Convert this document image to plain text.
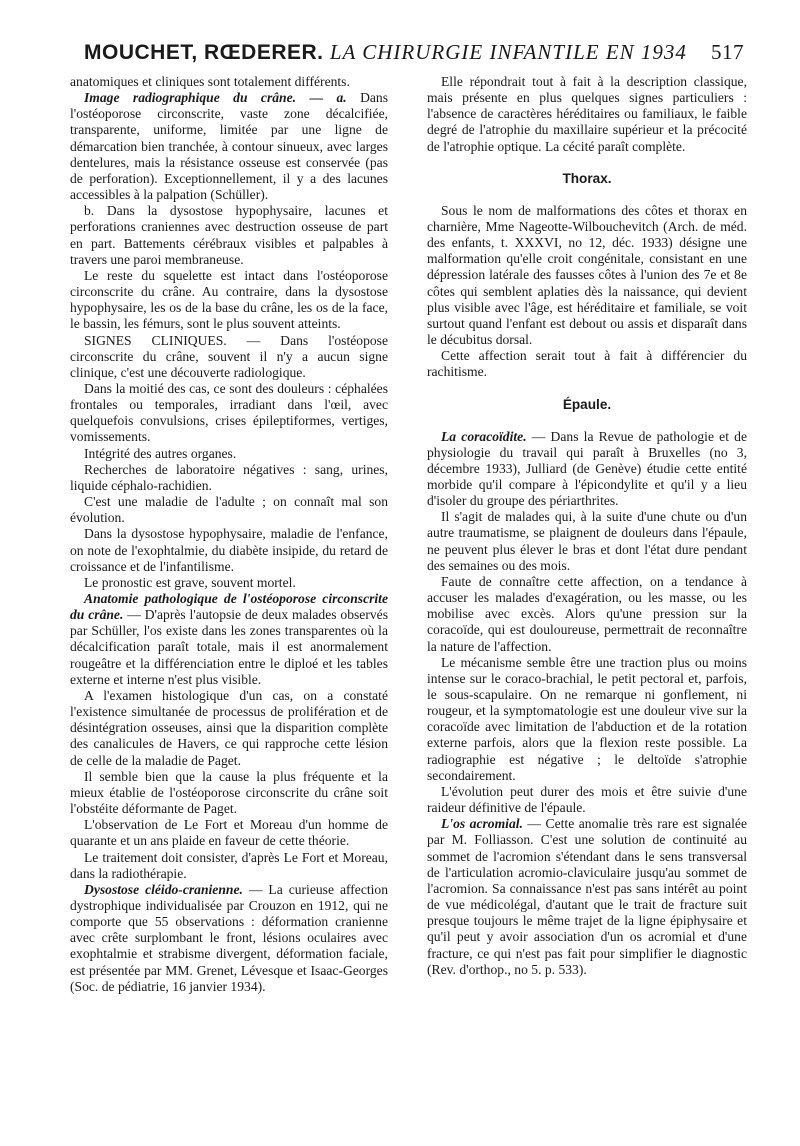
MOUCHET, RŒDERER. LA CHIRURGIE INFANTILE EN 1934 517

anatomiques et cliniques sont totalement différents.

Image radiographique du crâne. — a. Dans l'ostéoporose circonscrite, vaste zone décalcifiée, transparente, uniforme, limitée par une ligne de démarcation bien tranchée, à contour sinueux, avec larges dentelures, mais la résistance osseuse est conservée (pas de perforation). Exceptionnellement, il y a des lacunes accessibles à la palpation (Schüller).

b. Dans la dysostose hypophysaire, lacunes et perforations craniennes avec destruction osseuse de part en part. Battements cérébraux visibles et palpables à travers une paroi membraneuse.

Le reste du squelette est intact dans l'ostéoporose circonscrite du crâne. Au contraire, dans la dysostose hypophysaire, les os de la base du crâne, les os de la face, le bassin, les fémurs, sont le plus souvent atteints.

SIGNES CLINIQUES. — Dans l'ostéopose circonscrite du crâne, souvent il n'y a aucun signe clinique, c'est une découverte radiologique.

Dans la moitié des cas, ce sont des douleurs : céphalées frontales ou temporales, irradiant dans l'œil, avec quelquefois convulsions, crises épileptiformes, vertiges, vomissements.

Intégrité des autres organes.

Recherches de laboratoire négatives : sang, urines, liquide céphalo-rachidien.

C'est une maladie de l'adulte ; on connaît mal son évolution.

Dans la dysostose hypophysaire, maladie de l'enfance, on note de l'exophtalmie, du diabète insipide, du retard de croissance et de l'infantilisme.

Le pronostic est grave, souvent mortel.

Anatomie pathologique de l'ostéoporose circonscrite du crâne. — D'après l'autopsie de deux malades observés par Schüller, l'os existe dans les zones transparentes où la décalcification paraît totale, mais il est anormalement rougeâtre et la différenciation entre le diploé et les tables externe et interne n'est plus visible.

A l'examen histologique d'un cas, on a constaté l'existence simultanée de processus de prolifération et de désintégration osseuses, ainsi que la disparition complète des canalicules de Havers, ce qui rapproche cette lésion de celle de la maladie de Paget.

Il semble bien que la cause la plus fréquente et la mieux établie de l'ostéoporose circonscrite du crâne soit l'obstéite déformante de Paget.

L'observation de Le Fort et Moreau d'un homme de quarante et un ans plaide en faveur de cette théorie.

Le traitement doit consister, d'après Le Fort et Moreau, dans la radiothérapie.

Dysostose cléido-cranienne. — La curieuse affection dystrophique individualisée par Crouzon en 1912, qui ne comporte que 55 observations : déformation cranienne avec crête surplombant le front, lésions oculaires avec exophtalmie et strabisme divergent, déformation faciale, est présentée par MM. Grenet, Lévesque et Isaac-Georges (Soc. de pédiatrie, 16 janvier 1934).

Elle répondrait tout à fait à la description classique, mais présente en plus quelques signes particuliers : l'absence de caractères héréditaires ou familiaux, le faible degré de l'atrophie du maxillaire supérieur et la précocité de l'atrophie optique. La cécité paraît complète.

Thorax.

Sous le nom de malformations des côtes et thorax en charnière, Mme Nageotte-Wilbouchevitch (Arch. de méd. des enfants, t. XXXVI, no 12, déc. 1933) désigne une malformation qu'elle croit congénitale, consistant en une dépression latérale des fausses côtes à l'union des 7e et 8e côtes qui semblent aplaties dès la naissance, qui devient plus visible avec l'âge, est héréditaire et familiale, se voit surtout quand l'enfant est debout ou assis et disparaît dans le décubitus dorsal.

Cette affection serait tout à fait à différencier du rachitisme.

Épaule.

La coracoïdite. — Dans la Revue de pathologie et de physiologie du travail qui paraît à Bruxelles (no 3, décembre 1933), Julliard (de Genève) étudie cette entité morbide qu'il compare à l'épicondylite et qu'il y a lieu d'isoler du groupe des périarthrites.

Il s'agit de malades qui, à la suite d'une chute ou d'un autre traumatisme, se plaignent de douleurs dans l'épaule, ne peuvent plus élever le bras et dont l'état dure pendant des semaines ou des mois.

Faute de connaître cette affection, on a tendance à accuser les malades d'exagération, ou les masse, ou les mobilise avec excès. Alors qu'une pression sur la coracoïde, qui est douloureuse, permettrait de reconnaître la nature de l'affection.

Le mécanisme semble être une traction plus ou moins intense sur le coraco-brachial, le petit pectoral et, parfois, le sous-scapulaire. On ne remarque ni gonflement, ni rougeur, et la symptomatologie est une douleur vive sur la coracoïde avec limitation de l'abduction et de la rotation externe parfois, alors que la flexion reste possible. La radiographie est négative ; le deltoïde s'atrophie secondairement.

L'évolution peut durer des mois et être suivie d'une raideur définitive de l'épaule.

L'os acromial. — Cette anomalie très rare est signalée par M. Folliasson. C'est une solution de continuité au sommet de l'acromion s'étendant dans le sens transversal de l'articulation acromio-claviculaire jusqu'au sommet de l'acromion. Sa connaissance n'est pas sans intérêt au point de vue médicolégal, d'autant que le trait de fracture suit presque toujours le même trajet de la ligne épiphysaire et qu'il peut y avoir association d'un os acromial et d'une fracture, ce qui n'est pas fait pour simplifier le diagnostic (Rev. d'orthop., no 5. p. 533).
